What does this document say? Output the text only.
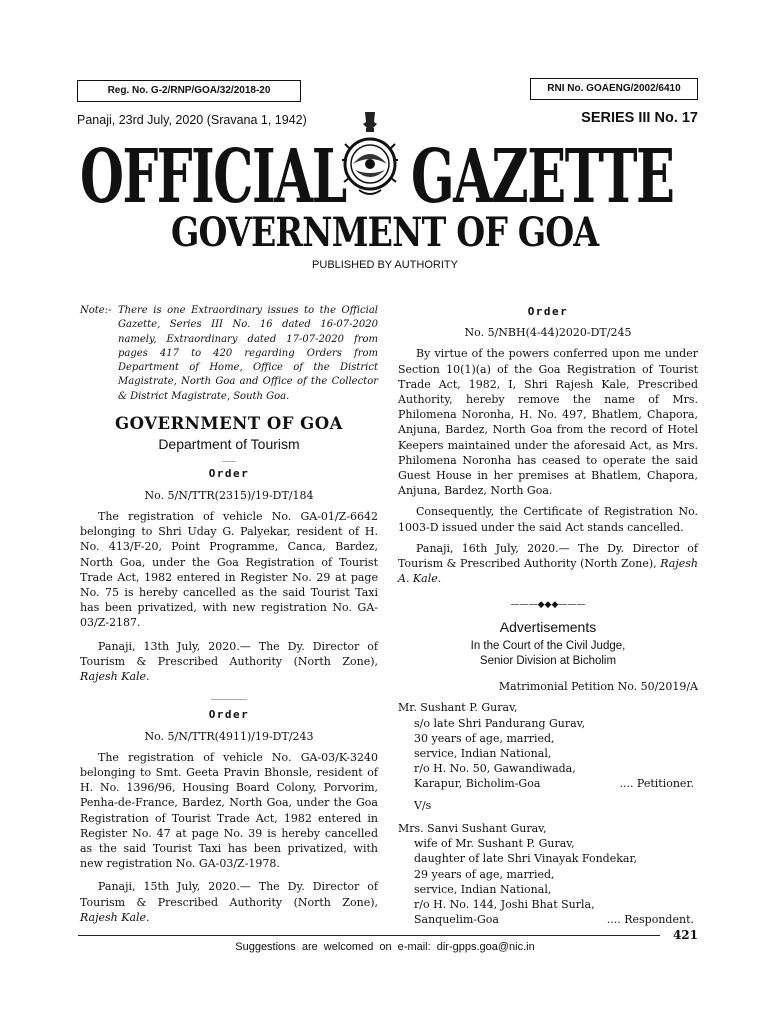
Reg. No. G-2/RNP/GOA/32/2018-20	RNI No. GOAENG/2002/6410
Panaji, 23rd July, 2020 (Sravana 1, 1942)	SERIES III No. 17
OFFICIAL GAZETTE
GOVERNMENT OF GOA
PUBLISHED BY AUTHORITY
Note:- There is one Extraordinary issues to the Official Gazette, Series III No. 16 dated 16-07-2020 namely, Extraordinary dated 17-07-2020 from pages 417 to 420 regarding Orders from Department of Home, Office of the District Magistrate, North Goa and Office of the Collector & District Magistrate, South Goa.
GOVERNMENT OF GOA
Department of Tourism
___
Order
No. 5/N/TTR(2315)/19-DT/184

The registration of vehicle No. GA-01/Z-6642 belonging to Shri Uday G. Palyekar, resident of H. No. 413/F-20, Point Programme, Canca, Bardez, North Goa, under the Goa Registration of Tourist Trade Act, 1982 entered in Register No. 29 at page No. 75 is hereby cancelled as the said Tourist Taxi has been privatized, with new registration No. GA-03/Z-2187.

Panaji, 13th July, 2020.— The Dy. Director of Tourism & Prescribed Authority (North Zone), Rajesh Kale.

________
Order
No. 5/N/TTR(4911)/19-DT/243

The registration of vehicle No. GA-03/K-3240 belonging to Smt. Geeta Pravin Bhonsle, resident of H. No. 1396/96, Housing Board Colony, Porvorim, Penha-de-France, Bardez, North Goa, under the Goa Registration of Tourist Trade Act, 1982 entered in Register No. 47 at page No. 39 is hereby cancelled as the said Tourist Taxi has been privatized, with new registration No. GA-03/Z-1978.

Panaji, 15th July, 2020.— The Dy. Director of Tourism & Prescribed Authority (North Zone), Rajesh Kale.

Order
No. 5/NBH(4-44)2020-DT/245

By virtue of the powers conferred upon me under Section 10(1)(a) of the Goa Registration of Tourist Trade Act, 1982, I, Shri Rajesh Kale, Prescribed Authority, hereby remove the name of Mrs. Philomena Noronha, H. No. 497, Bhatlem, Chapora, Anjuna, Bardez, North Goa from the record of Hotel Keepers maintained under the aforesaid Act, as Mrs. Philomena Noronha has ceased to operate the said Guest House in her premises at Bhatlem, Chapora, Anjuna, Bardez, North Goa.

Consequently, the Certificate of Registration No. 1003-D issued under the said Act stands cancelled.

Panaji, 16th July, 2020.— The Dy. Director of Tourism & Prescribed Authority (North Zone), Rajesh A. Kale.

———◆◆◆———
Advertisements
In the Court of the Civil Judge,
Senior Division at Bicholim
Matrimonial Petition No. 50/2019/A
Mr. Sushant P. Gurav,
s/o late Shri Pandurang Gurav,
30 years of age, married,
service, Indian National,
r/o H. No. 50, Gawandiwada,
Karapur, Bicholim-Goa	.... Petitioner.
V/s
Mrs. Sanvi Sushant Gurav,
wife of Mr. Sushant P. Gurav,
daughter of late Shri Vinayak Fondekar,
29 years of age, married,
service, Indian National,
r/o H. No. 144, Joshi Bhat Surla,
Sanquelim-Goa	.... Respondent.
421
Suggestions are welcomed on e-mail: dir-gpps.goa@nic.in
